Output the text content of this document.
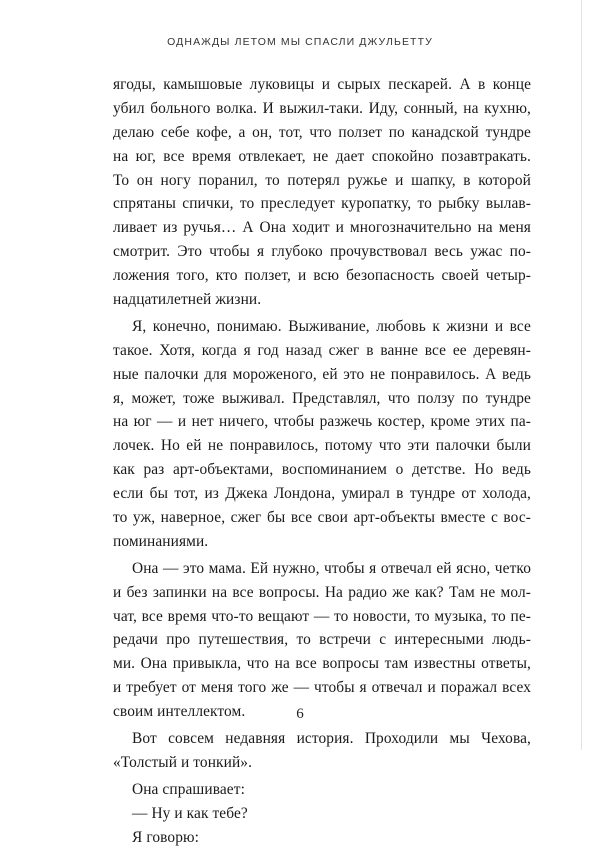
ОДНАЖДЫ ЛЕТОМ МЫ СПАСЛИ ДЖУЛЬЕТТУ
ягоды, камышовые луковицы и сырых пескарей. А в конце
убил больного волка. И выжил-таки. Иду, сонный, на кухню,
делаю себе кофе, а он, тот, что ползет по канадской тундре
на юг, все время отвлекает, не дает спокойно позавтракать.
То он ногу поранил, то потерял ружье и шапку, в которой
спрятаны спички, то преследует куропатку, то рыбку вылав-
ливает из ручья… А Она ходит и многозначительно на меня
смотрит. Это чтобы я глубоко прочувствовал весь ужас по-
ложения того, кто ползет, и всю безопасность своей четыр-
надцатилетней жизни.
Я, конечно, понимаю. Выживание, любовь к жизни и все
такое. Хотя, когда я год назад сжег в ванне все ее деревян-
ные палочки для мороженого, ей это не понравилось. А ведь
я, может, тоже выживал. Представлял, что ползу по тундре
на юг — и нет ничего, чтобы разжечь костер, кроме этих па-
лочек. Но ей не понравилось, потому что эти палочки были
как раз арт-объектами, воспоминанием о детстве. Но ведь
если бы тот, из Джека Лондона, умирал в тундре от холода,
то уж, наверное, сжег бы все свои арт-объекты вместе с вос-
поминаниями.
Она — это мама. Ей нужно, чтобы я отвечал ей ясно, четко
и без запинки на все вопросы. На радио же как? Там не мол-
чат, все время что-то вещают — то новости, то музыка, то пе-
редачи про путешествия, то встречи с интересными людь-
ми. Она привыкла, что на все вопросы там известны ответы,
и требует от меня того же — чтобы я отвечал и поражал всех
своим интеллектом.
Вот совсем недавняя история. Проходили мы Чехова,
«Толстый и тонкий».
Она спрашивает:
— Ну и как тебе?
Я говорю:
6
